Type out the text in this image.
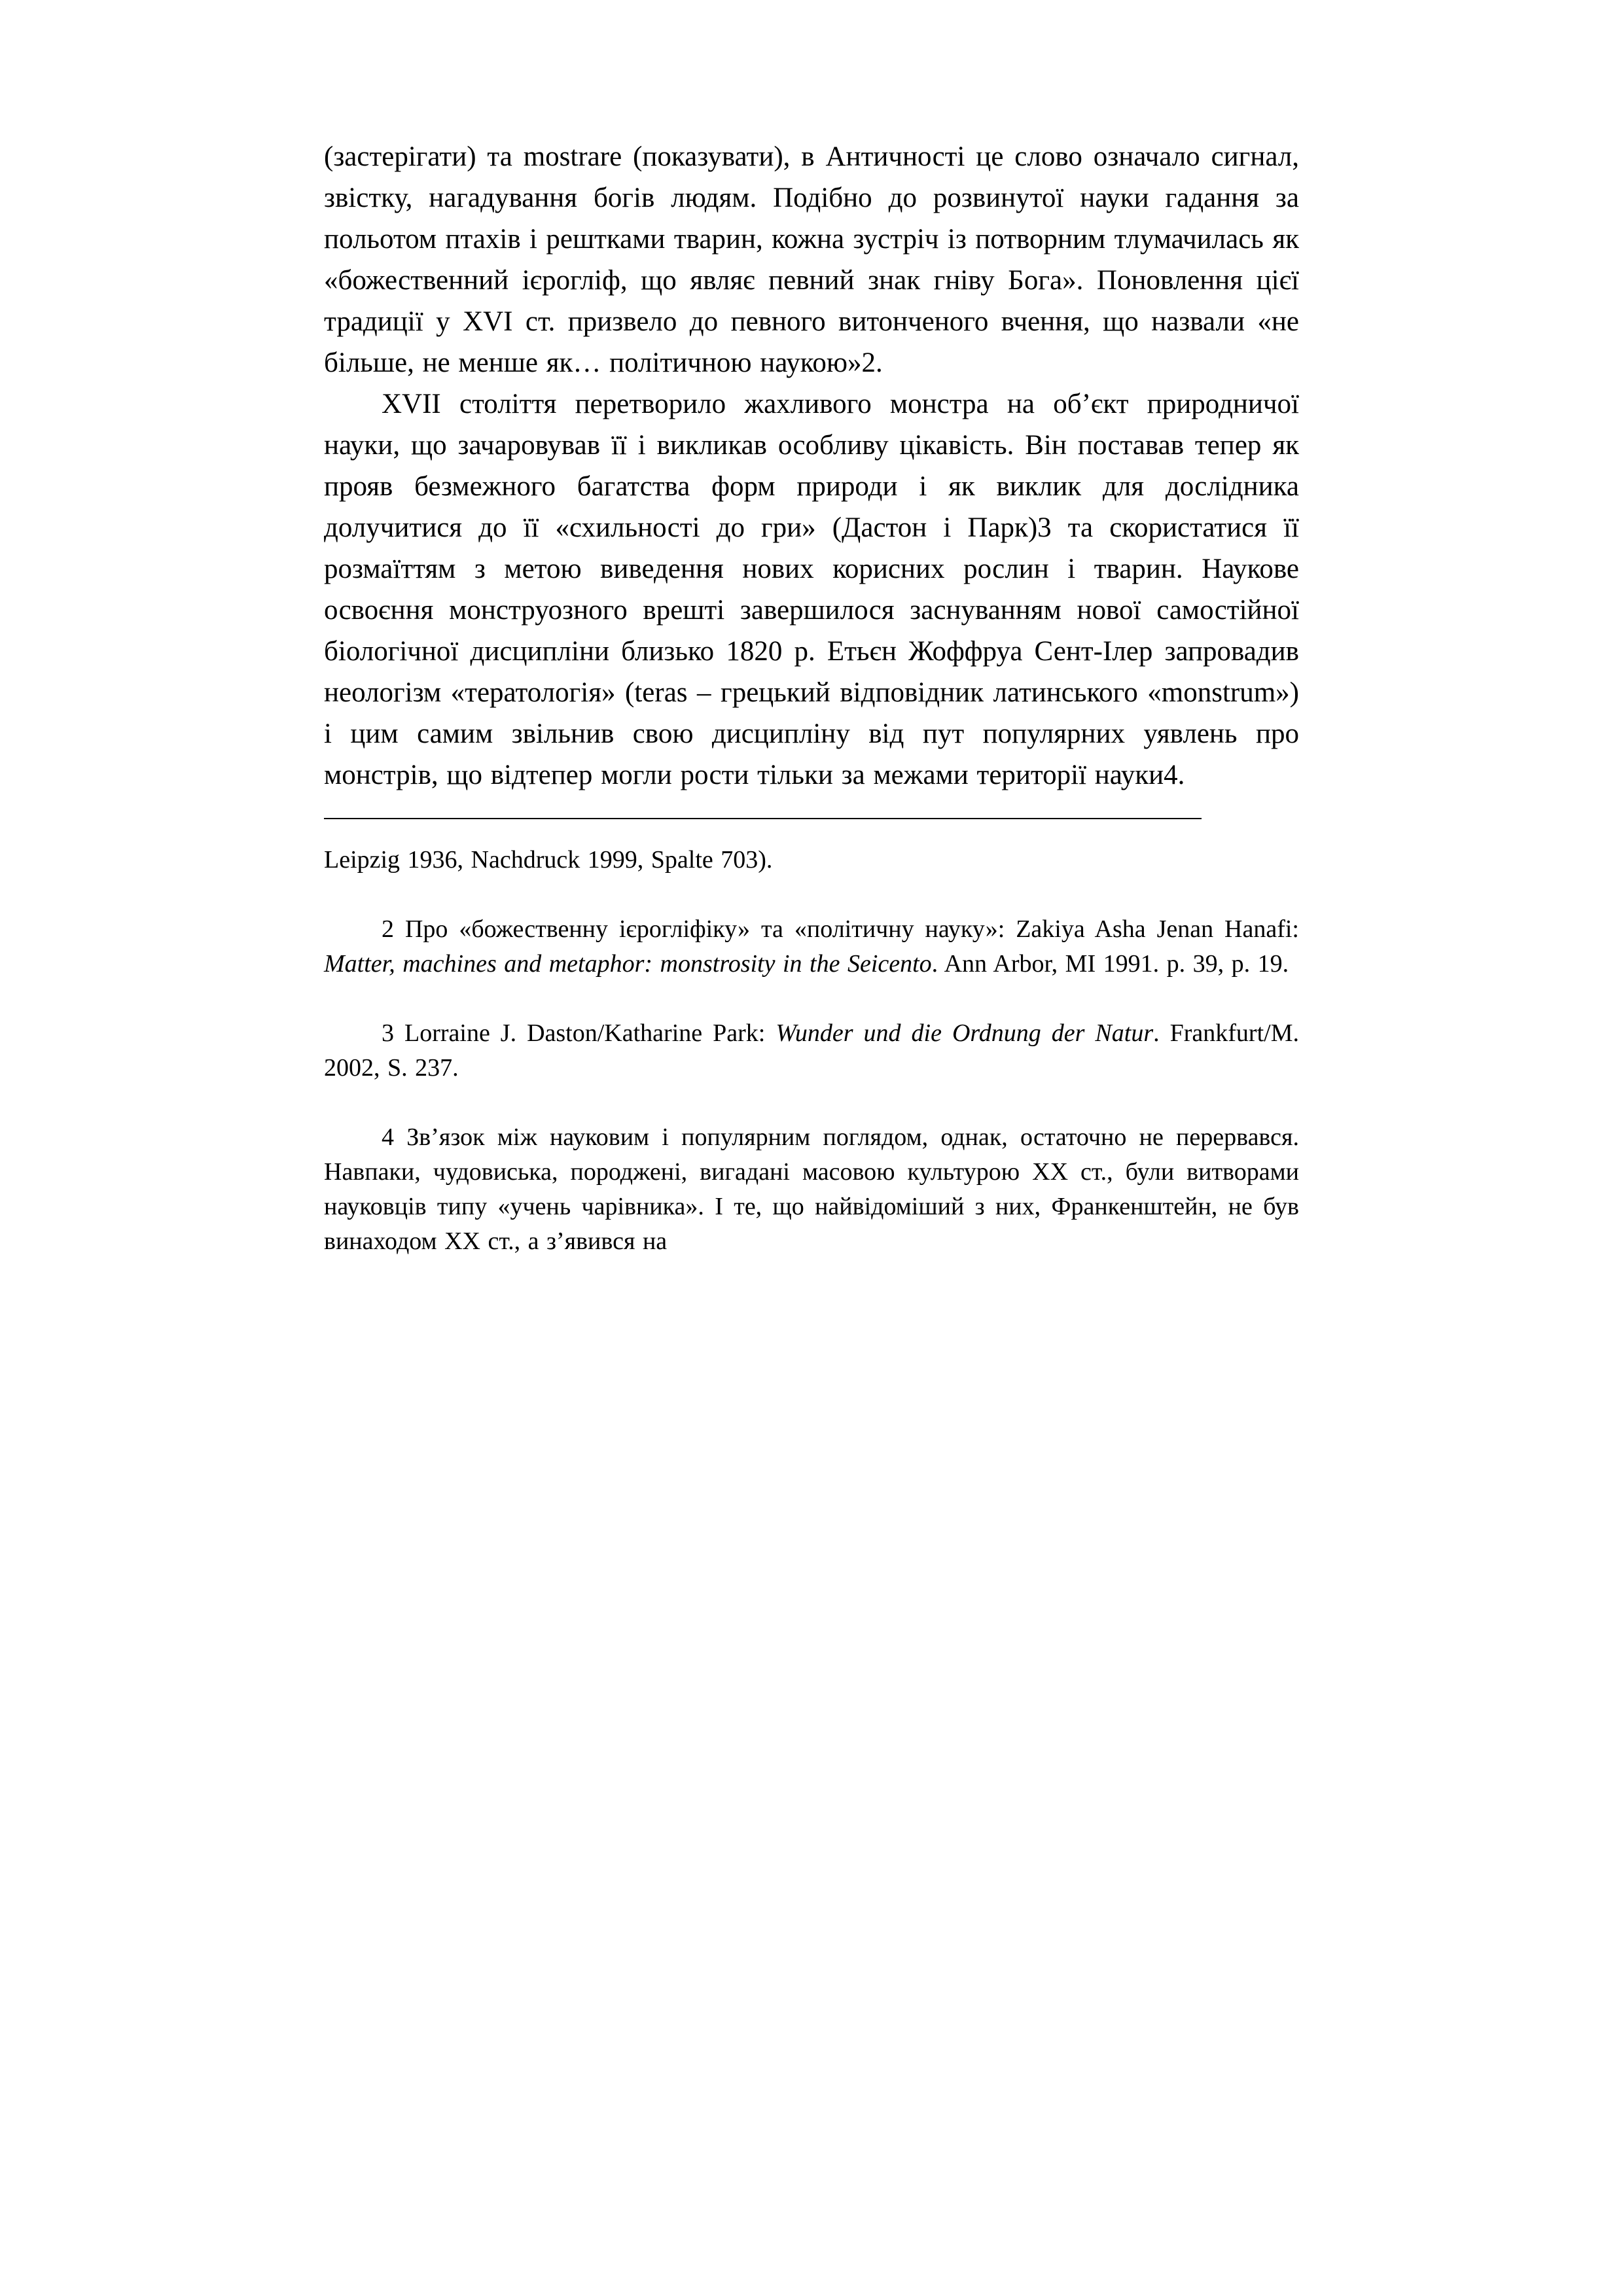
(застерігати) та mostrare (показувати), в Античності це слово означало сигнал, звістку, нагадування богів людям. Подібно до розвинутої науки гадання за польотом птахів і рештками тварин, кожна зустріч із потворним тлумачилась як «божественний ієрогліф, що являє певний знак гніву Бога». Поновлення цієї традиції у XVI ст. призвело до певного витонченого вчення, що назвали «не більше, не менше як… політичною наукою»2.

XVII століття перетворило жахливого монстра на об’єкт природничої науки, що зачаровував її і викликав особливу цікавість. Він поставав тепер як прояв безмежного багатства форм природи і як виклик для дослідника долучитися до її «схильності до гри» (Дастон і Парк)3 та скористатися її розмаїттям з метою виведення нових корисних рослин і тварин. Наукове освоєння монструозного врешті завершилося заснуванням нової самостійної біологічної дисципліни близько 1820 р. Етьєн Жоффруа Сент-Ілер запровадив неологізм «тератологія» (teras – грецький відповідник латинського «monstrum») і цим самим звільнив свою дисципліну від пут популярних уявлень про монстрів, що відтепер могли рости тільки за межами території науки4.

Leipzig 1936, Nachdruck 1999, Spalte 703).

2 Про «божественну ієрогліфіку» та «політичну науку»: Zakiya Asha Jenan Hanafi: Matter, machines and metaphor: monstrosity in the Seicento. Ann Arbor, MI 1991. p. 39, p. 19.

3 Lorraine J. Daston/Katharine Park: Wunder und die Ordnung der Natur. Frankfurt/M. 2002, S. 237.

4 Зв’язок між науковим і популярним поглядом, однак, остаточно не перервався. Навпаки, чудовиська, породжені, вигадані масовою культурою XX ст., були витворами науковців типу «учень чарівника». І те, що найвідоміший з них, Франкенштейн, не був винаходом XX ст., а з’явився на
